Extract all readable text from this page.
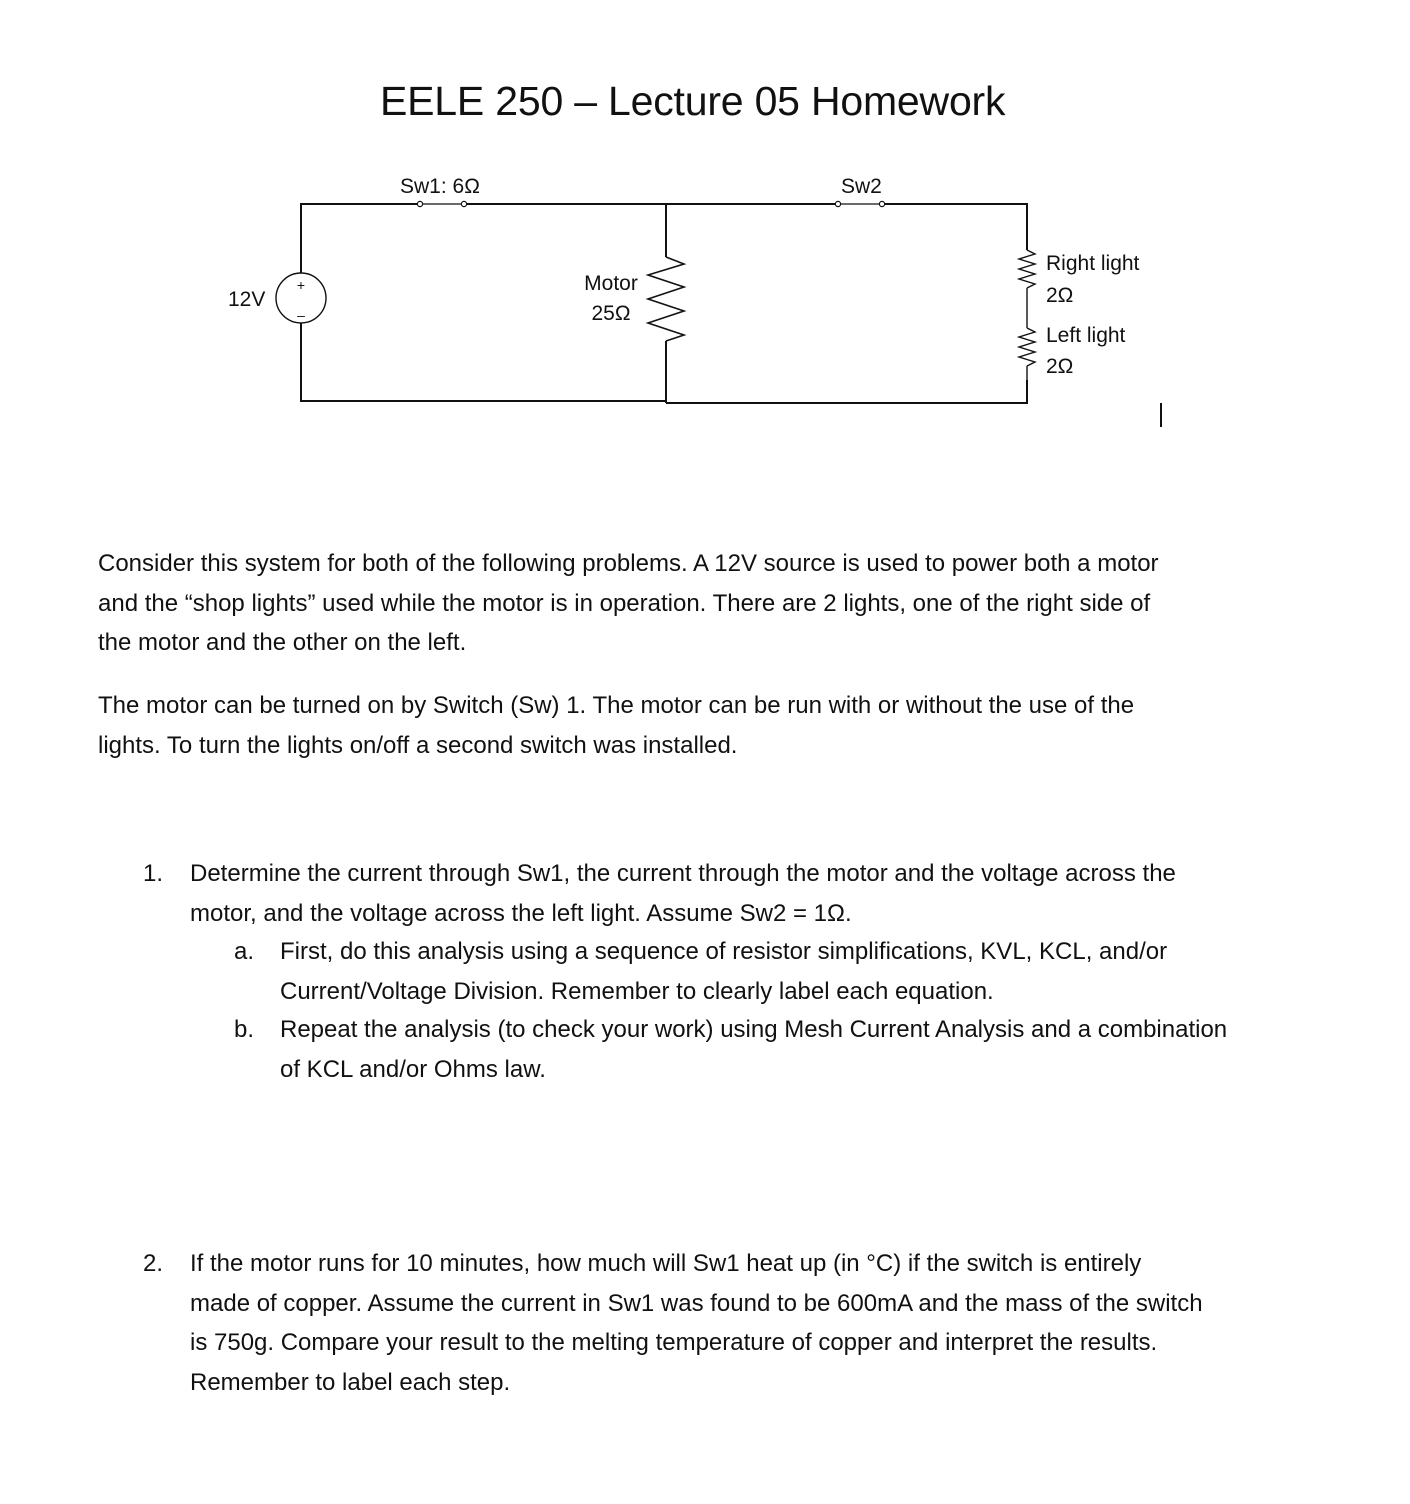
EELE 250 – Lecture 05 Homework
+
–
12V
Sw1: 6Ω	Sw2
Motor
25Ω
Right light
2Ω
Left light
2Ω
Consider this system for both of the following problems. A 12V source is used to power both a motor
and the “shop lights” used while the motor is in operation. There are 2 lights, one of the right side of
the motor and the other on the left.
The motor can be turned on by Switch (Sw) 1. The motor can be run with or without the use of the
lights. To turn the lights on/off a second switch was installed.
1. Determine the current through Sw1, the current through the motor and the voltage across the
motor, and the voltage across the left light. Assume Sw2 = 1Ω.
a. First, do this analysis using a sequence of resistor simplifications, KVL, KCL, and/or
Current/Voltage Division. Remember to clearly label each equation.
b. Repeat the analysis (to check your work) using Mesh Current Analysis and a combination
of KCL and/or Ohms law.
2. If the motor runs for 10 minutes, how much will Sw1 heat up (in °C) if the switch is entirely
made of copper. Assume the current in Sw1 was found to be 600mA and the mass of the switch
is 750g. Compare your result to the melting temperature of copper and interpret the results.
Remember to label each step.
